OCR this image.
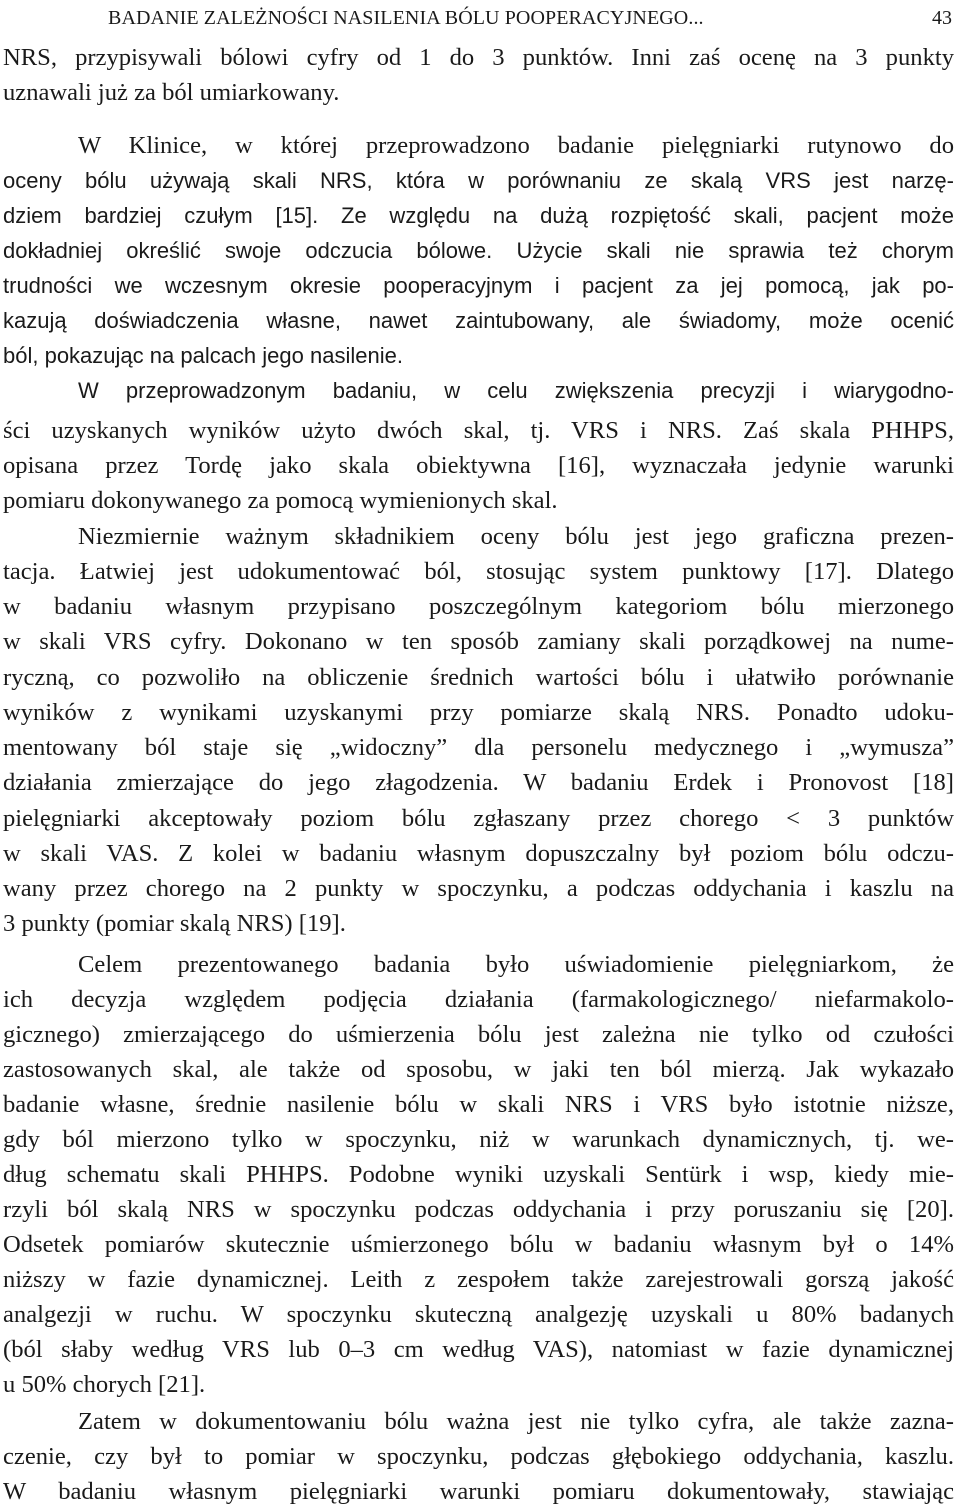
BADANIE ZALEŻNOŚCI NASILENIA BÓLU POOPERACYJNEGO...	43
NRS, przypisywali bólowi cyfry od 1 do 3 punktów. Inni zaś ocenę na 3 punkty
uznawali już za ból umiarkowany.
W Klinice, w której przeprowadzono badanie pielęgniarki rutynowo do
oceny bólu używają skali NRS, która w porównaniu ze skalą VRS jest narzę-
dziem bardziej czułym [15]. Ze względu na dużą rozpiętość skali, pacjent może
dokładniej określić swoje odczucia bólowe. Użycie skali nie sprawia też chorym
trudności we wczesnym okresie pooperacyjnym i pacjent za jej pomocą, jak po-
kazują doświadczenia własne, nawet zaintubowany, ale świadomy, może ocenić
ból, pokazując na palcach jego nasilenie.
W przeprowadzonym badaniu, w celu zwiększenia precyzji i wiarygodno-
ści uzyskanych wyników użyto dwóch skal, tj. VRS i NRS. Zaś skala PHHPS,
opisana przez Tordę jako skala obiektywna [16], wyznaczała jedynie warunki
pomiaru dokonywanego za pomocą wymienionych skal.
Niezmiernie ważnym składnikiem oceny bólu jest jego graficzna prezen-
tacja. Łatwiej jest udokumentować ból, stosując system punktowy [17]. Dlatego
w badaniu własnym przypisano poszczególnym kategoriom bólu mierzonego
w skali VRS cyfry. Dokonano w ten sposób zamiany skali porządkowej na nume-
ryczną, co pozwoliło na obliczenie średnich wartości bólu i ułatwiło porównanie
wyników z wynikami uzyskanymi przy pomiarze skalą NRS. Ponadto udoku-
mentowany ból staje się „widoczny” dla personelu medycznego i „wymusza”
działania zmierzające do jego złagodzenia. W badaniu Erdek i Pronovost [18]
pielęgniarki akceptowały poziom bólu zgłaszany przez chorego < 3 punktów
w skali VAS. Z kolei w badaniu własnym dopuszczalny był poziom bólu odczu-
wany przez chorego na 2 punkty w spoczynku, a podczas oddychania i kaszlu na
3 punkty (pomiar skalą NRS) [19].
Celem prezentowanego badania było uświadomienie pielęgniarkom, że
ich decyzja względem podjęcia działania (farmakologicznego/ niefarmakolo-
gicznego) zmierzającego do uśmierzenia bólu jest zależna nie tylko od czułości
zastosowanych skal, ale także od sposobu, w jaki ten ból mierzą. Jak wykazało
badanie własne, średnie nasilenie bólu w skali NRS i VRS było istotnie niższe,
gdy ból mierzono tylko w spoczynku, niż w warunkach dynamicznych, tj. we-
dług schematu skali PHHPS. Podobne wyniki uzyskali Sentürk i wsp, kiedy mie-
rzyli ból skalą NRS w spoczynku podczas oddychania i przy poruszaniu się [20].
Odsetek pomiarów skutecznie uśmierzonego bólu w badaniu własnym był o 14%
niższy w fazie dynamicznej. Leith z zespołem także zarejestrowali gorszą jakość
analgezji w ruchu. W spoczynku skuteczną analgezję uzyskali u 80% badanych
(ból słaby według VRS lub 0–3 cm według VAS), natomiast w fazie dynamicznej
u 50% chorych [21].
Zatem w dokumentowaniu bólu ważna jest nie tylko cyfra, ale także zazna-
czenie, czy był to pomiar w spoczynku, podczas głębokiego oddychania, kaszlu.
W badaniu własnym pielęgniarki warunki pomiaru dokumentowały, stawiając
